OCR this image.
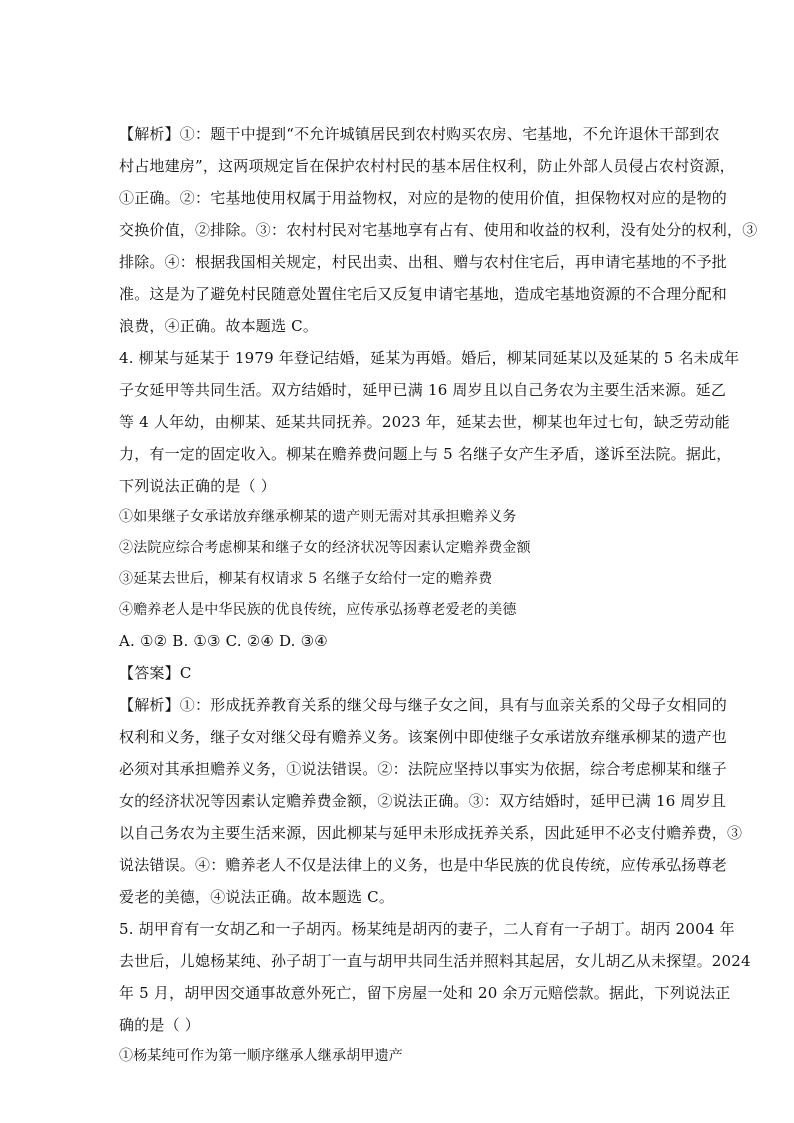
【解析】①：题干中提到“不允许城镇居民到农村购买农房、宅基地，不允许退休干部到农
村占地建房”，这两项规定旨在保护农村村民的基本居住权利，防止外部人员侵占农村资源，
①正确。②：宅基地使用权属于用益物权，对应的是物的使用价值，担保物权对应的是物的
交换价值，②排除。③：农村村民对宅基地享有占有、使用和收益的权利，没有处分的权利，③
排除。④：根据我国相关规定，村民出卖、出租、赠与农村住宅后，再申请宅基地的不予批
准。这是为了避免村民随意处置住宅后又反复申请宅基地，造成宅基地资源的不合理分配和
浪费，④正确。故本题选 C。
4. 柳某与延某于 1979 年登记结婚，延某为再婚。婚后，柳某同延某以及延某的 5 名未成年
子女延甲等共同生活。双方结婚时，延甲已满 16 周岁且以自己务农为主要生活来源。延乙
等 4 人年幼，由柳某、延某共同抚养。2023 年，延某去世，柳某也年过七旬，缺乏劳动能
力，有一定的固定收入。柳某在赡养费问题上与 5 名继子女产生矛盾，遂诉至法院。据此，
下列说法正确的是（ ）
①如果继子女承诺放弃继承柳某的遗产则无需对其承担赡养义务
②法院应综合考虑柳某和继子女的经济状况等因素认定赡养费金额
③延某去世后，柳某有权请求 5 名继子女给付一定的赡养费
④赡养老人是中华民族的优良传统，应传承弘扬尊老爱老的美德
A. ①② B. ①③ C. ②④ D. ③④
【答案】C
【解析】①：形成抚养教育关系的继父母与继子女之间，具有与血亲关系的父母子女相同的
权利和义务，继子女对继父母有赡养义务。该案例中即使继子女承诺放弃继承柳某的遗产也
必须对其承担赡养义务，①说法错误。②：法院应坚持以事实为依据，综合考虑柳某和继子
女的经济状况等因素认定赡养费金额，②说法正确。③：双方结婚时，延甲已满 16 周岁且
以自己务农为主要生活来源，因此柳某与延甲未形成抚养关系，因此延甲不必支付赡养费，③
说法错误。④：赡养老人不仅是法律上的义务，也是中华民族的优良传统，应传承弘扬尊老
爱老的美德，④说法正确。故本题选 C。
5. 胡甲育有一女胡乙和一子胡丙。杨某纯是胡丙的妻子，二人育有一子胡丁。胡丙 2004 年
去世后，儿媳杨某纯、孙子胡丁一直与胡甲共同生活并照料其起居，女儿胡乙从未探望。2024
年 5 月，胡甲因交通事故意外死亡，留下房屋一处和 20 余万元赔偿款。据此，下列说法正
确的是（ ）
①杨某纯可作为第一顺序继承人继承胡甲遗产
